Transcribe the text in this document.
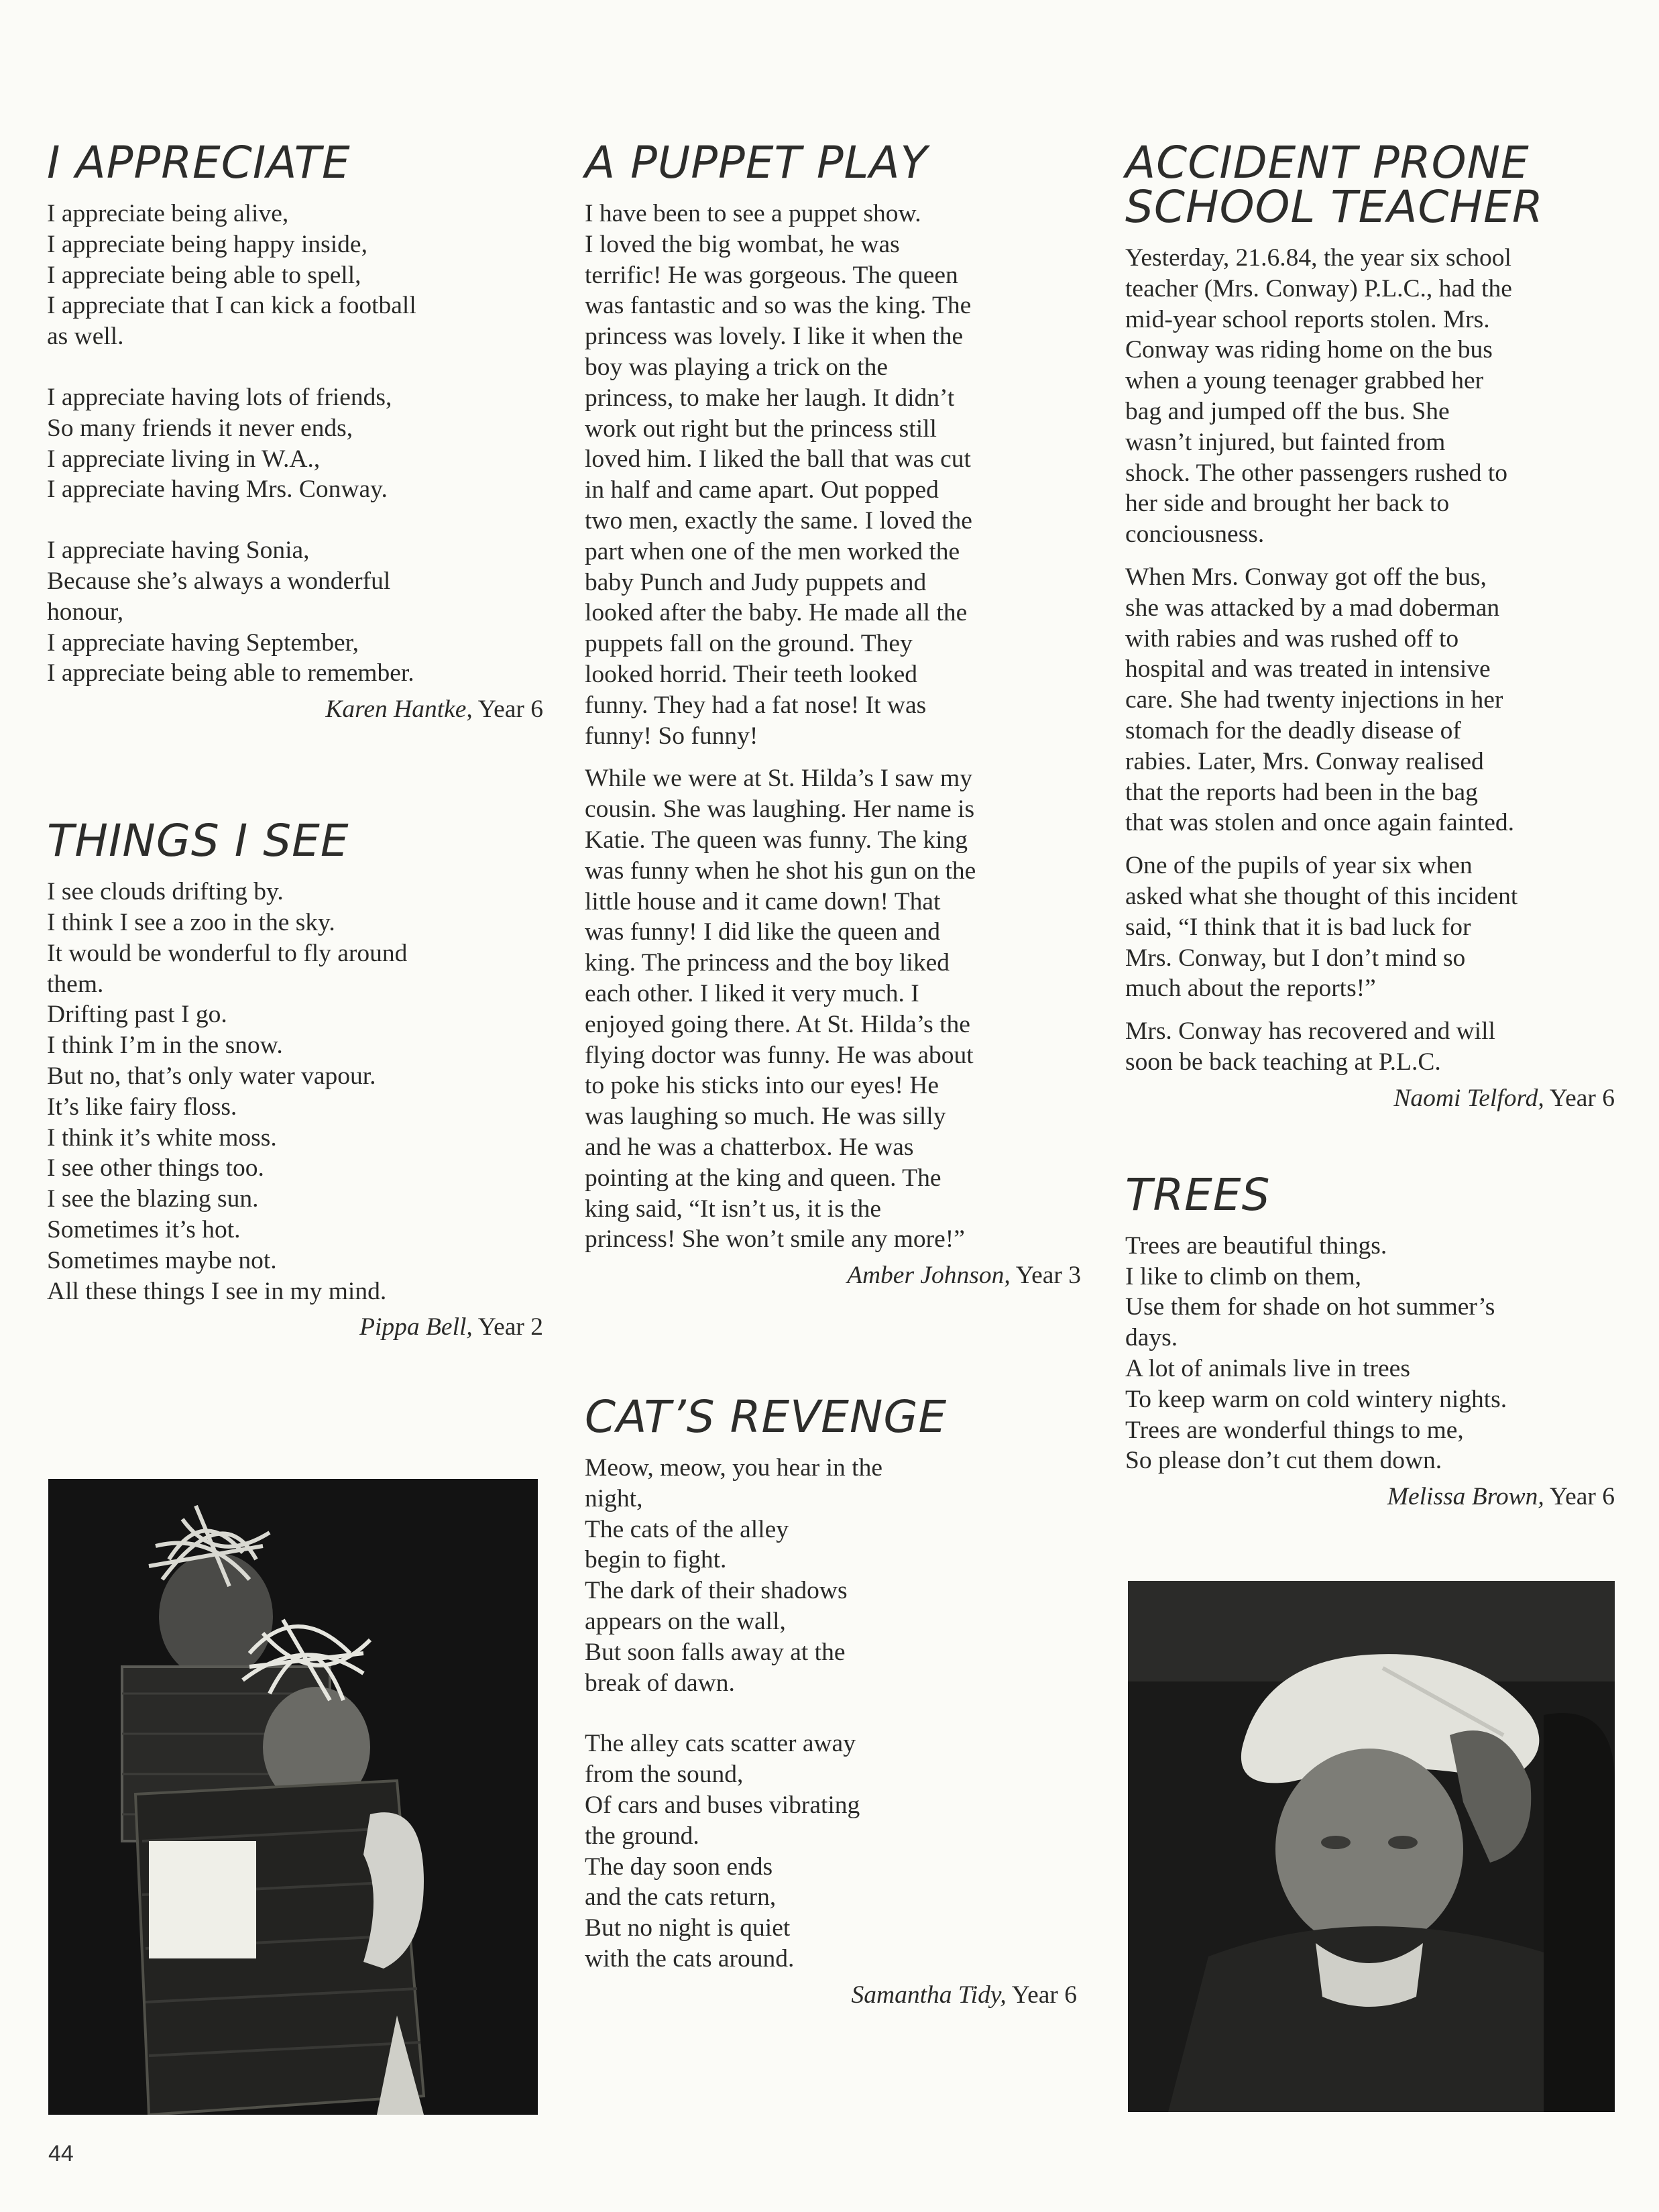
I APPRECIATE
I appreciate being alive,
I appreciate being happy inside,
I appreciate being able to spell,
I appreciate that I can kick a football
as well.
I appreciate having lots of friends,
So many friends it never ends,
I appreciate living in W.A.,
I appreciate having Mrs. Conway.
I appreciate having Sonia,
Because she’s always a wonderful
honour,
I appreciate having September,
I appreciate being able to remember.
Karen Hantke, Year 6
THINGS I SEE
I see clouds drifting by.
I think I see a zoo in the sky.
It would be wonderful to fly around
them.
Drifting past I go.
I think I’m in the snow.
But no, that’s only water vapour.
It’s like fairy floss.
I think it’s white moss.
I see other things too.
I see the blazing sun.
Sometimes it’s hot.
Sometimes maybe not.
All these things I see in my mind.
Pippa Bell, Year 2
A PUPPET PLAY
I have been to see a puppet show.
I loved the big wombat, he was
terrific! He was gorgeous. The queen
was fantastic and so was the king. The
princess was lovely. I like it when the
boy was playing a trick on the
princess, to make her laugh. It didn’t
work out right but the princess still
loved him. I liked the ball that was cut
in half and came apart. Out popped
two men, exactly the same. I loved the
part when one of the men worked the
baby Punch and Judy puppets and
looked after the baby. He made all the
puppets fall on the ground. They
looked horrid. Their teeth looked
funny. They had a fat nose! It was
funny! So funny!
While we were at St. Hilda’s I saw my
cousin. She was laughing. Her name is
Katie. The queen was funny. The king
was funny when he shot his gun on the
little house and it came down! That
was funny! I did like the queen and
king. The princess and the boy liked
each other. I liked it very much. I
enjoyed going there. At St. Hilda’s the
flying doctor was funny. He was about
to poke his sticks into our eyes! He
was laughing so much. He was silly
and he was a chatterbox. He was
pointing at the king and queen. The
king said, “It isn’t us, it is the
princess! She won’t smile any more!”
Amber Johnson, Year 3
CAT’S REVENGE
Meow, meow, you hear in the
night,
The cats of the alley
begin to fight.
The dark of their shadows
appears on the wall,
But soon falls away at the
break of dawn.
The alley cats scatter away
from the sound,
Of cars and buses vibrating
the ground.
The day soon ends
and the cats return,
But no night is quiet
with the cats around.
Samantha Tidy, Year 6
ACCIDENT PRONE
SCHOOL TEACHER
Yesterday, 21.6.84, the year six school
teacher (Mrs. Conway) P.L.C., had the
mid-year school reports stolen. Mrs.
Conway was riding home on the bus
when a young teenager grabbed her
bag and jumped off the bus. She
wasn’t injured, but fainted from
shock. The other passengers rushed to
her side and brought her back to
conciousness.
When Mrs. Conway got off the bus,
she was attacked by a mad doberman
with rabies and was rushed off to
hospital and was treated in intensive
care. She had twenty injections in her
stomach for the deadly disease of
rabies. Later, Mrs. Conway realised
that the reports had been in the bag
that was stolen and once again fainted.
One of the pupils of year six when
asked what she thought of this incident
said, “I think that it is bad luck for
Mrs. Conway, but I don’t mind so
much about the reports!”
Mrs. Conway has recovered and will
soon be back teaching at P.L.C.
Naomi Telford, Year 6
TREES
Trees are beautiful things.
I like to climb on them,
Use them for shade on hot summer’s
days.
A lot of animals live in trees
To keep warm on cold wintery nights.
Trees are wonderful things to me,
So please don’t cut them down.
Melissa Brown, Year 6
44
